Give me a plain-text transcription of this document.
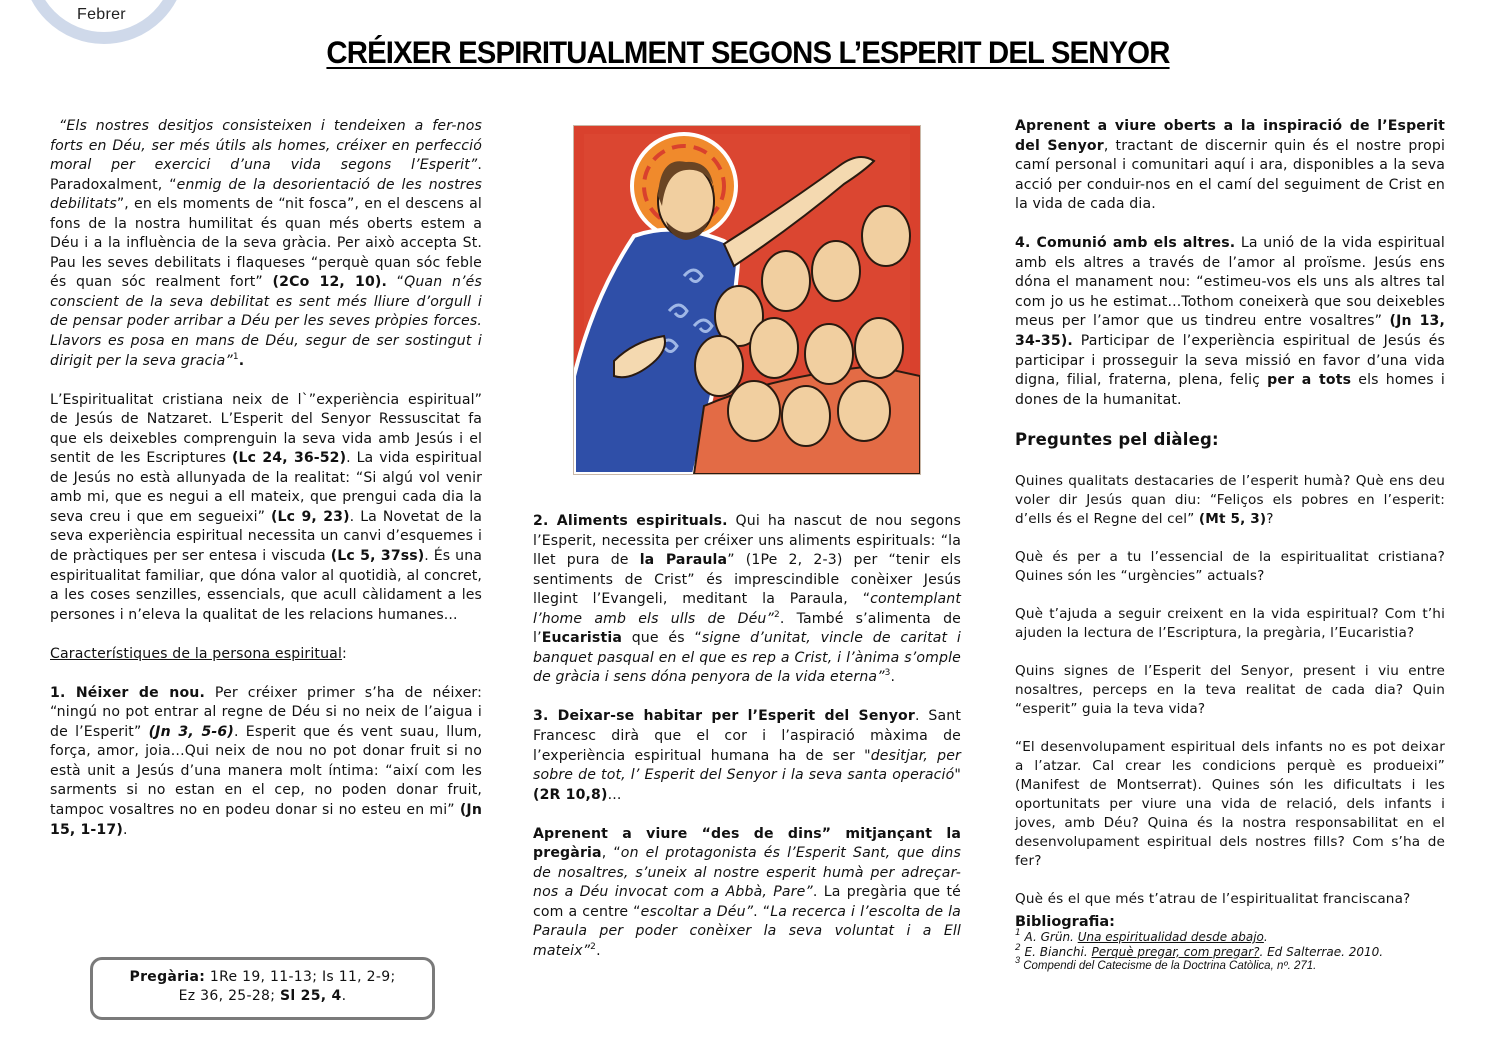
Febrer
CRÉIXER ESPIRITUALMENT SEGONS L’ESPERIT DEL SENYOR

“Els nostres desitjos consisteixen i tendeixen a fer-nos forts en Déu, ser més útils als homes, créixer en perfecció moral per exercici d’una vida segons l’Esperit”. Paradoxalment, “enmig de la desorientació de les nostres debilitats”, en els moments de “nit fosca”, en el descens al fons de la nostra humilitat és quan més oberts estem a Déu i a la influència de la seva gràcia. Per això accepta St. Pau les seves debilitats i flaqueses “perquè quan sóc feble és quan sóc realment fort” (2Co 12, 10). “Quan n’és conscient de la seva debilitat es sent més lliure d’orgull i de pensar poder arribar a Déu per les seves pròpies forces. Llavors es posa en mans de Déu, segur de ser sostingut i dirigit per la seva gracia”$^1$.

L’Espiritualitat cristiana neix de l`”experiència espiritual” de Jesús de Natzaret. L’Esperit del Senyor Ressuscitat fa que els deixebles comprenguin la seva vida amb Jesús i el sentit de les Escriptures (Lc 24, 36-52). La vida espiritual de Jesús no està allunyada de la realitat: “Si algú vol venir amb mi, que es negui a ell mateix, que prengui cada dia la seva creu i que em segueixi” (Lc 9, 23). La Novetat de la seva experiència espiritual necessita un canvi d’esquemes i de pràctiques per ser entesa i viscuda (Lc 5, 37ss). És una espiritualitat familiar, que dóna valor al quotidià, al concret, a les coses senzilles, essencials, que acull càlidament a les persones i n’eleva la qualitat de les relacions humanes...

Característiques de la persona espiritual:

1. Néixer de nou. Per créixer primer s’ha de néixer: “ningú no pot entrar al regne de Déu si no neix de l’aigua i de l’Esperit” (Jn 3, 5-6). Esperit que és vent suau, llum, força, amor, joia...Qui neix de nou no pot donar fruit si no està unit a Jesús d’una manera molt íntima: “així com les sarments si no estan en el cep, no poden donar fruit, tampoc vosaltres no en podeu donar si no esteu en mi” (Jn 15, 1-17).

Pregària: 1Re 19, 11-13; Is 11, 2-9;
Ez 36, 25-28; Sl 25, 4.

2. Aliments espirituals. Qui ha nascut de nou segons l’Esperit, necessita per créixer uns aliments espirituals: “la llet pura de la Paraula” (1Pe 2, 2-3) per “tenir els sentiments de Crist” és imprescindible conèixer Jesús llegint l’Evangeli, meditant la Paraula, “contemplant l’home amb els ulls de Déu”$^2$. També s’alimenta de l’Eucaristia que és “signe d’unitat, vincle de caritat i banquet pasqual en el que es rep a Crist, i l’ànima s’omple de gràcia i sens dóna penyora de la vida eterna”$^3$.

3. Deixar-se habitar per l’Esperit del Senyor. Sant Francesc dirà que el cor i l’aspiració màxima de l’experiència espiritual humana ha de ser "desitjar, per sobre de tot, l’ Esperit del Senyor i la seva santa operació" (2R 10,8)...

Aprenent a viure “des de dins” mitjançant la pregària, “on el protagonista és l’Esperit Sant, que dins de nosaltres, s’uneix al nostre esperit humà per adreçar-nos a Déu invocat com a Abbà, Pare”. La pregària que té com a centre “escoltar a Déu”. “La recerca i l’escolta de la Paraula per poder conèixer la seva voluntat i a Ell mateix”$^2$.

Aprenent a viure oberts a la inspiració de l’Esperit del Senyor, tractant de discernir quin és el nostre propi camí personal i comunitari aquí i ara, disponibles a la seva acció per conduir-nos en el camí del seguiment de Crist en la vida de cada dia.

4. Comunió amb els altres. La unió de la vida espiritual amb els altres a través de l’amor al proïsme. Jesús ens dóna el manament nou: “estimeu-vos els uns als altres tal com jo us he estimat...Tothom coneixerà que sou deixebles meus per l’amor que us tindreu entre vosaltres” (Jn 13, 34-35). Participar de l’experiència espiritual de Jesús és participar i prosseguir la seva missió en favor d’una vida digna, filial, fraterna, plena, feliç per a tots els homes i dones de la humanitat.

Preguntes pel diàleg:

Quines qualitats destacaries de l’esperit humà? Què ens deu voler dir Jesús quan diu: “Feliços els pobres en l’esperit: d’ells és el Regne del cel” (Mt 5, 3)?

Què és per a tu l’essencial de la espiritualitat cristiana? Quines són les “urgències” actuals?

Què t’ajuda a seguir creixent en la vida espiritual? Com t’hi ajuden la lectura de l’Escriptura, la pregària, l’Eucaristia?

Quins signes de l’Esperit del Senyor, present i viu entre nosaltres, perceps en la teva realitat de cada dia? Quin “esperit” guia la teva vida?

“El desenvolupament espiritual dels infants no es pot deixar a l’atzar. Cal crear les condicions perquè es produeixi” (Manifest de Montserrat). Quines són les dificultats i les oportunitats per viure una vida de relació, dels infants i joves, amb Déu? Quina és la nostra responsabilitat en el desenvolupament espiritual dels nostres fills? Com s’ha de fer?

Què és el que més t’atrau de l’espiritualitat franciscana?

Bibliografia:
$^1$ A. Grün. Una espiritualidad desde abajo.
$^2$ E. Bianchi. Perquè pregar, com pregar?. Ed Salterrae. 2010.
$^3$ Compendi del Catecisme de la Doctrina Catòlica, nº. 271.
